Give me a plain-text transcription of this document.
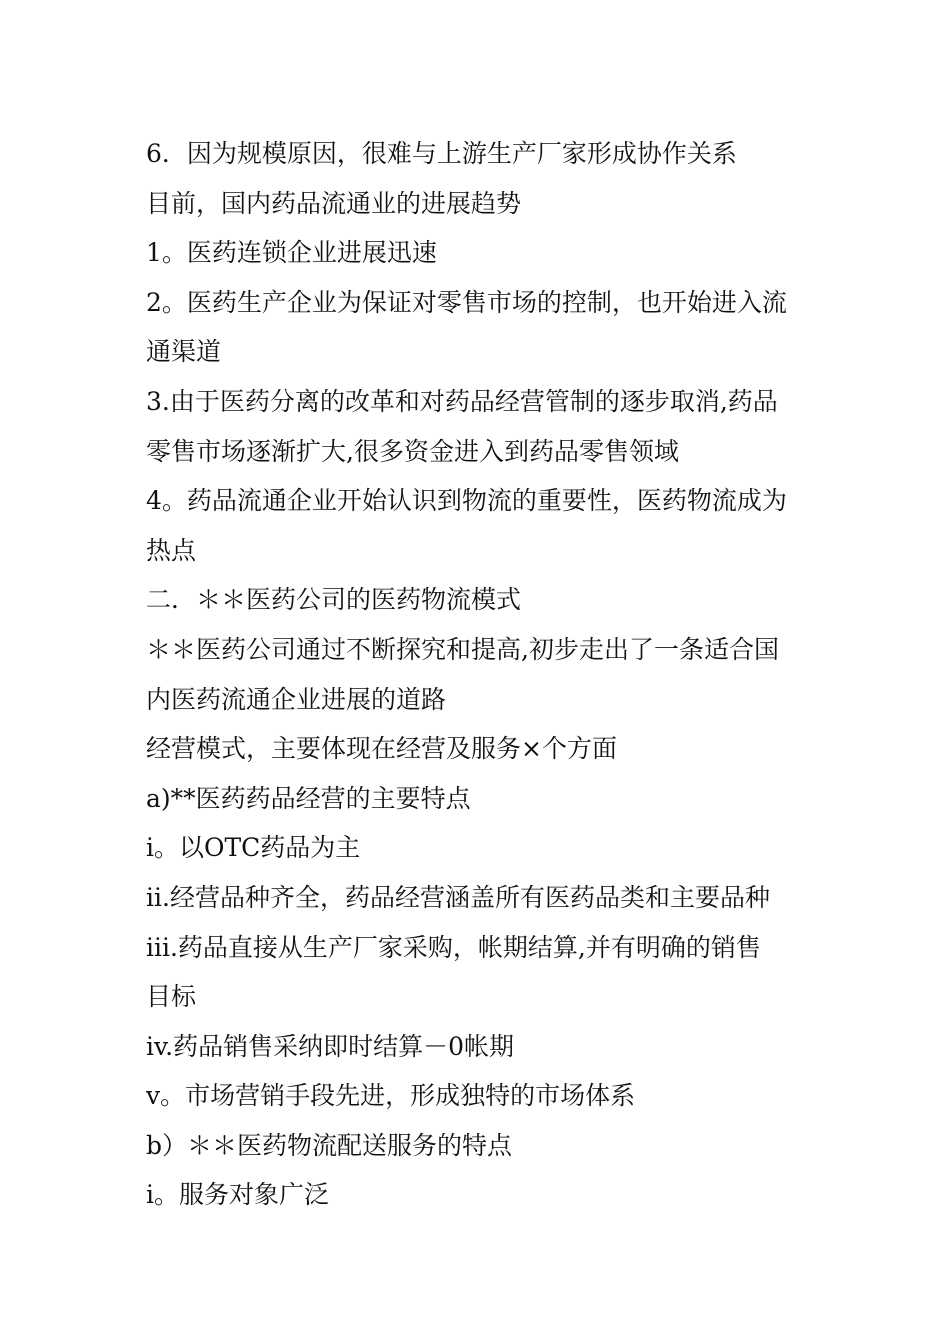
6．因为规模原因，很难与上游生产厂家形成协作关系
目前，国内药品流通业的进展趋势
1。医药连锁企业进展迅速
2。医药生产企业为保证对零售市场的控制，也开始进入流
通渠道
3.由于医药分离的改革和对药品经营管制的逐步取消,药品
零售市场逐渐扩大,很多资金进入到药品零售领域
4。药品流通企业开始认识到物流的重要性，医药物流成为
热点
二．＊＊医药公司的医药物流模式
＊＊医药公司通过不断探究和提高,初步走出了一条适合国
内医药流通企业进展的道路
经营模式，主要体现在经营及服务×个方面
a)**医药药品经营的主要特点
i。以OTC药品为主
ii.经营品种齐全，药品经营涵盖所有医药品类和主要品种
iii.药品直接从生产厂家采购，帐期结算,并有明确的销售
目标
iv.药品销售采纳即时结算－0帐期
v。市场营销手段先进，形成独特的市场体系
b）＊＊医药物流配送服务的特点
i。服务对象广泛
